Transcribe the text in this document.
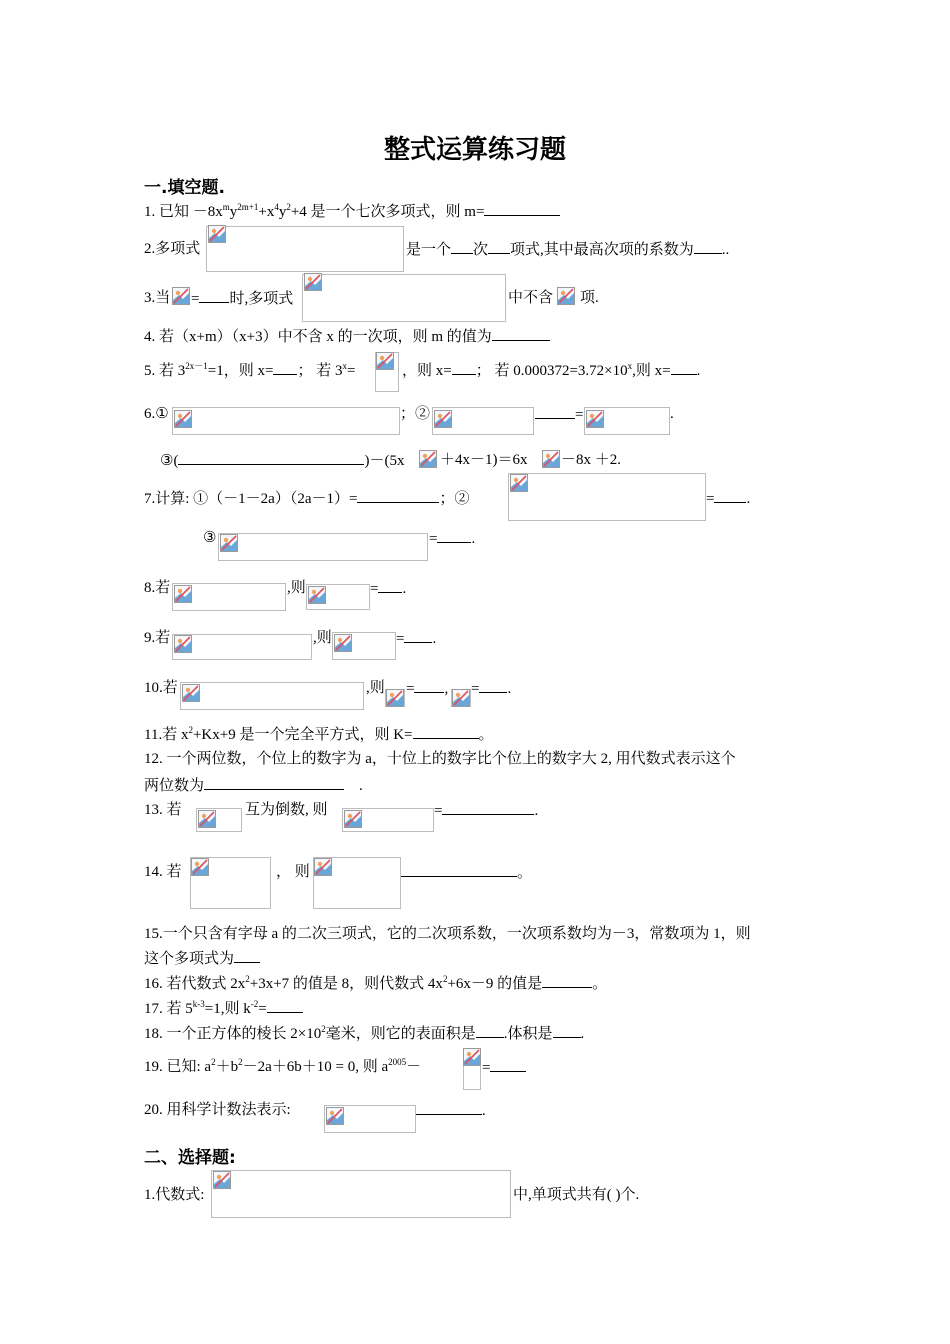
整式运算练习题
一.填空题.
1. 已知 $-8x^my^{2m+1}+x^4y^2+4$ 是一个七次多项式，则 m=
2.多项式	是一个 次 项式,其中最高次项的系数为 ..
3.当 = 时,多项式	中不含 项.
4. 若（x+m）（x+3）中不含 x 的一次项，则 m 的值为
5. 若 $3^{2x-1}=1$，则 x= ； 若 $3^x=$	，则 x= ； 若 $0.000372=3.72\times 10^x$,则 x= .
6.①	；②	=	.
③(	)－(5x ＋4x－1)＝6x －8x ＋2.
7.计算: ①（－1－2a）（2a－1）=	；②	= .
③	= .
8.若	,则	= .
9.若	,则	= .
10.若	,则 = , = .
11.若 $x^2+Kx+9$ 是一个完全平方式，则 K=	。
12. 一个两位数，个位上的数字为 a，十位上的数字比个位上的数字大 2, 用代数式表示这个
两位数为	.
13. 若	互为倒数, 则	=	.
14. 若	， 则	。
15.一个只含有字母 a 的二次三项式，它的二次项系数，一次项系数均为－3，常数项为 1，则
这个多项式为
16. 若代数式 $2x^2+3x+7$ 的值是 8，则代数式 $4x^2+6x-9$ 的值是	。
17. 若 $5^{k-3}=1$,则 $k^{-2}=$
18. 一个正方体的棱长 $2\times 10^2$毫米，则它的表面积是 .体积是 .
19. 已知: $a^2+b^2-2a+6b+10 = 0$, 则 $a^{2005}-$	=
20. 用科学计数法表示:	.
二、选择题:
1.代数式:	中,单项式共有( )个.
